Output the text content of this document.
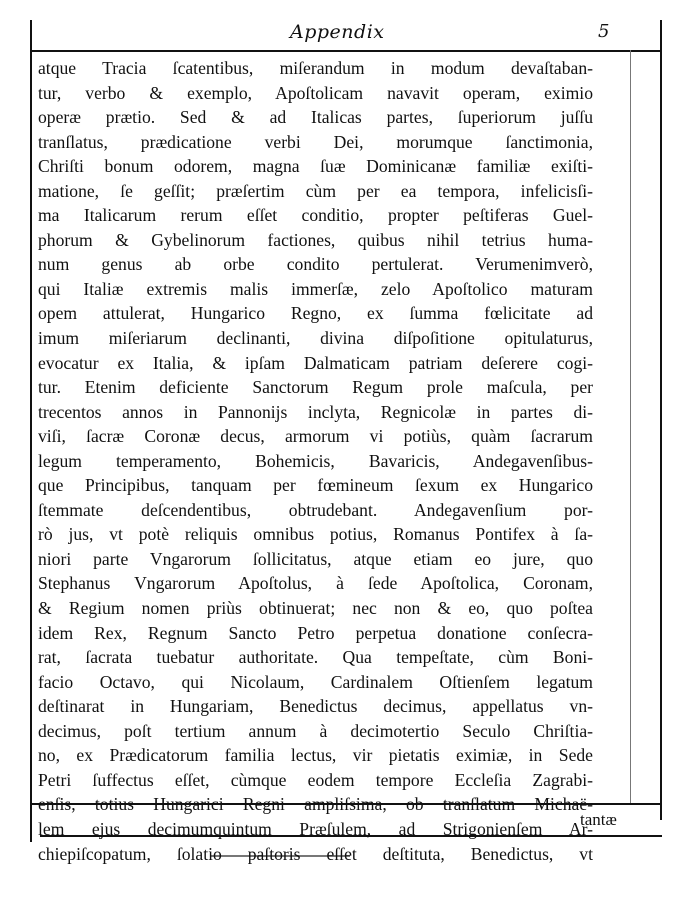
Appendix	5
atque Tracia ſcatentibus, miſerandum in modum devaſtaban-
tur, verbo & exemplo, Apoſtolicam navavit operam, eximio
operæ prætio. Sed & ad Italicas partes, ſuperiorum juſſu
tranſlatus, prædicatione verbi Dei, morumque ſanctimonia,
Chriſti bonum odorem, magna ſuæ Dominicanæ familiæ exiſti-
matione, ſe geſſit; præſertim cùm per ea tempora, infelicisſi-
ma Italicarum rerum eſſet conditio, propter peſtiferas Guel-
phorum & Gybelinorum factiones, quibus nihil tetrius huma-
num genus ab orbe condito pertulerat. Verumenimverò,
qui Italiæ extremis malis immerſæ, zelo Apoſtolico maturam
opem attulerat, Hungarico Regno, ex ſumma fœlicitate ad
imum miſeriarum declinanti, divina diſpoſitione opitulaturus,
evocatur ex Italia, & ipſam Dalmaticam patriam deſerere cogi-
tur. Etenim deficiente Sanctorum Regum prole maſcula, per
trecentos annos in Pannonijs inclyta, Regnicolæ in partes di-
viſi, ſacræ Coronæ decus, armorum vi potiùs, quàm ſacrarum
legum temperamento, Bohemicis, Bavaricis, Andegavenſibus-
que Principibus, tanquam per fœmineum ſexum ex Hungarico
ſtemmate deſcendentibus, obtrudebant. Andegavenſium por-
rò jus, vt potè reliquis omnibus potius, Romanus Pontifex à ſa-
niori parte Vngarorum ſollicitatus, atque etiam eo jure, quo
Stephanus Vngarorum Apoſtolus, à ſede Apoſtolica, Coronam,
& Regium nomen priùs obtinuerat; nec non & eo, quo poſtea
idem Rex, Regnum Sancto Petro perpetua donatione conſecra-
rat, ſacrata tuebatur authoritate. Qua tempeſtate, cùm Boni-
facio Octavo, qui Nicolaum, Cardinalem Oſtienſem legatum
deſtinarat in Hungariam, Benedictus decimus, appellatus vn-
decimus, poſt tertium annum à decimotertio Seculo Chriſtia-
no, ex Prædicatorum familia lectus, vir pietatis eximiæ, in Sede
Petri ſuffectus eſſet, cùmque eodem tempore Eccleſia Zagrabi-
enſis, totius Hungarici Regni ampliſsima, ob tranſlatum Michaë-
lem ejus decimumquintum Præſulem, ad Strigonienſem Ar-
chiepiſcopatum, ſolatio paſtoris eſſet deſtituta, Benedictus, vt
tantæ
